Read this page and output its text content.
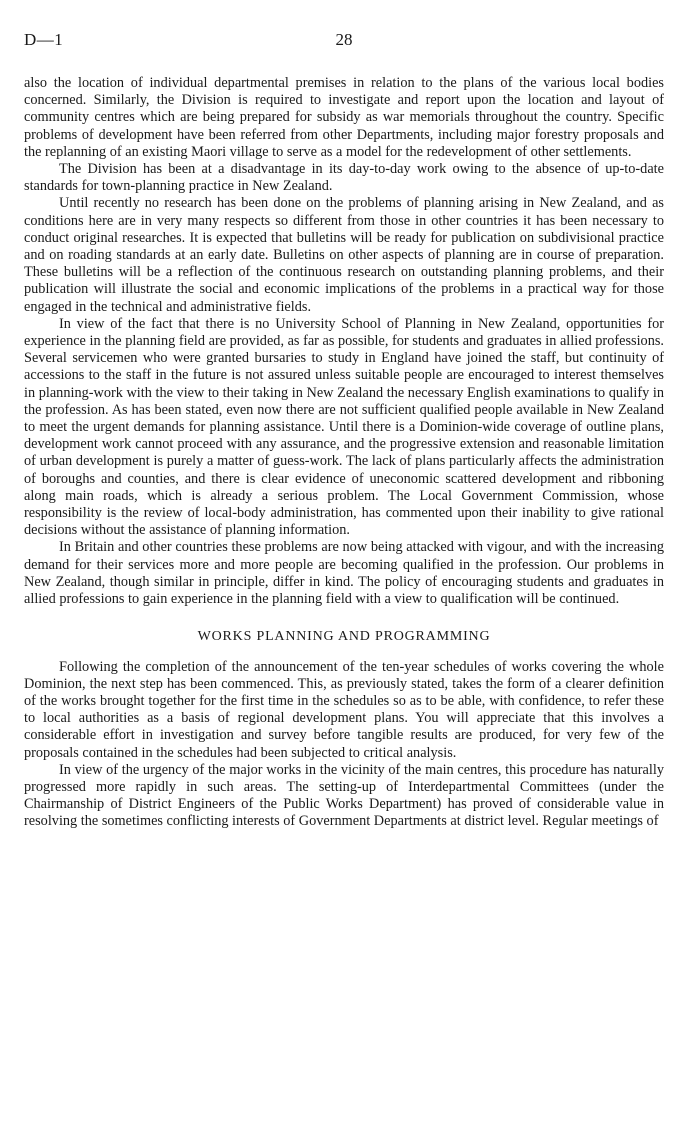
D—1	28

also the location of individual departmental premises in relation to the plans of the various local bodies concerned. Similarly, the Division is required to investigate and report upon the location and layout of community centres which are being prepared for subsidy as war memorials throughout the country. Specific problems of development have been referred from other Departments, including major forestry proposals and the replanning of an existing Maori village to serve as a model for the redevelopment of other settlements.

The Division has been at a disadvantage in its day-to-day work owing to the absence of up-to-date standards for town-planning practice in New Zealand.

Until recently no research has been done on the problems of planning arising in New Zealand, and as conditions here are in very many respects so different from those in other countries it has been necessary to conduct original researches. It is expected that bulletins will be ready for publication on subdivisional practice and on roading standards at an early date. Bulletins on other aspects of planning are in course of preparation. These bulletins will be a reflection of the continuous research on outstanding planning problems, and their publication will illustrate the social and economic implications of the problems in a practical way for those engaged in the technical and administrative fields.

In view of the fact that there is no University School of Planning in New Zealand, opportunities for experience in the planning field are provided, as far as possible, for students and graduates in allied professions. Several servicemen who were granted bursaries to study in England have joined the staff, but continuity of accessions to the staff in the future is not assured unless suitable people are encouraged to interest themselves in planning-work with the view to their taking in New Zealand the necessary English examinations to qualify in the profession. As has been stated, even now there are not sufficient qualified people available in New Zealand to meet the urgent demands for planning assistance. Until there is a Dominion-wide coverage of outline plans, development work cannot proceed with any assurance, and the progressive extension and reasonable limitation of urban development is purely a matter of guess-work. The lack of plans particularly affects the administration of boroughs and counties, and there is clear evidence of uneconomic scattered development and ribboning along main roads, which is already a serious problem. The Local Government Commission, whose responsibility is the review of local-body administration, has commented upon their inability to give rational decisions without the assistance of planning information.

In Britain and other countries these problems are now being attacked with vigour, and with the increasing demand for their services more and more people are becoming qualified in the profession. Our problems in New Zealand, though similar in principle, differ in kind. The policy of encouraging students and graduates in allied professions to gain experience in the planning field with a view to qualification will be continued.

WORKS PLANNING AND PROGRAMMING

Following the completion of the announcement of the ten-year schedules of works covering the whole Dominion, the next step has been commenced. This, as previously stated, takes the form of a clearer definition of the works brought together for the first time in the schedules so as to be able, with confidence, to refer these to local authorities as a basis of regional development plans. You will appreciate that this involves a considerable effort in investigation and survey before tangible results are produced, for very few of the proposals contained in the schedules had been subjected to critical analysis.

In view of the urgency of the major works in the vicinity of the main centres, this procedure has naturally progressed more rapidly in such areas. The setting-up of Interdepartmental Committees (under the Chairmanship of District Engineers of the Public Works Department) has proved of considerable value in resolving the sometimes conflicting interests of Government Departments at district level. Regular meetings of
